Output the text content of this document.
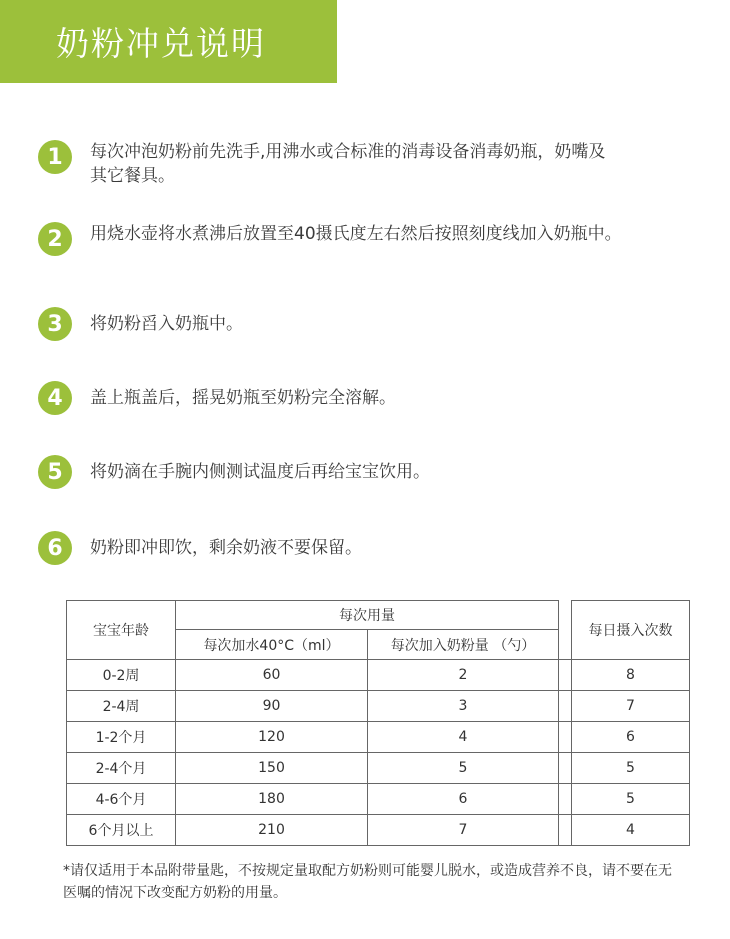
奶粉冲兑说明
1	每次冲泡奶粉前先洗手,用沸水或合标准的消毒设备消毒奶瓶，奶嘴及其它餐具。
2	用烧水壶将水煮沸后放置至40摄氏度左右然后按照刻度线加入奶瓶中。
3	将奶粉舀入奶瓶中。
4	盖上瓶盖后，摇晃奶瓶至奶粉完全溶解。
5	将奶滴在手腕内侧测试温度后再给宝宝饮用。
6	奶粉即冲即饮，剩余奶液不要保留。
宝宝年龄	每次用量			每日摄入次数
	每次加水40°C（ml）	每次加入奶粉量 （勺）		
0-2周	60	2		8
2-4周	90	3		7
1-2个月	120	4		6
2-4个月	150	5		5
4-6个月	180	6		5
6个月以上	210	7		4
*请仅适用于本品附带量匙，不按规定量取配方奶粉则可能婴儿脱水，或造成营养不良，请不要在无医嘱的情况下改变配方奶粉的用量。
